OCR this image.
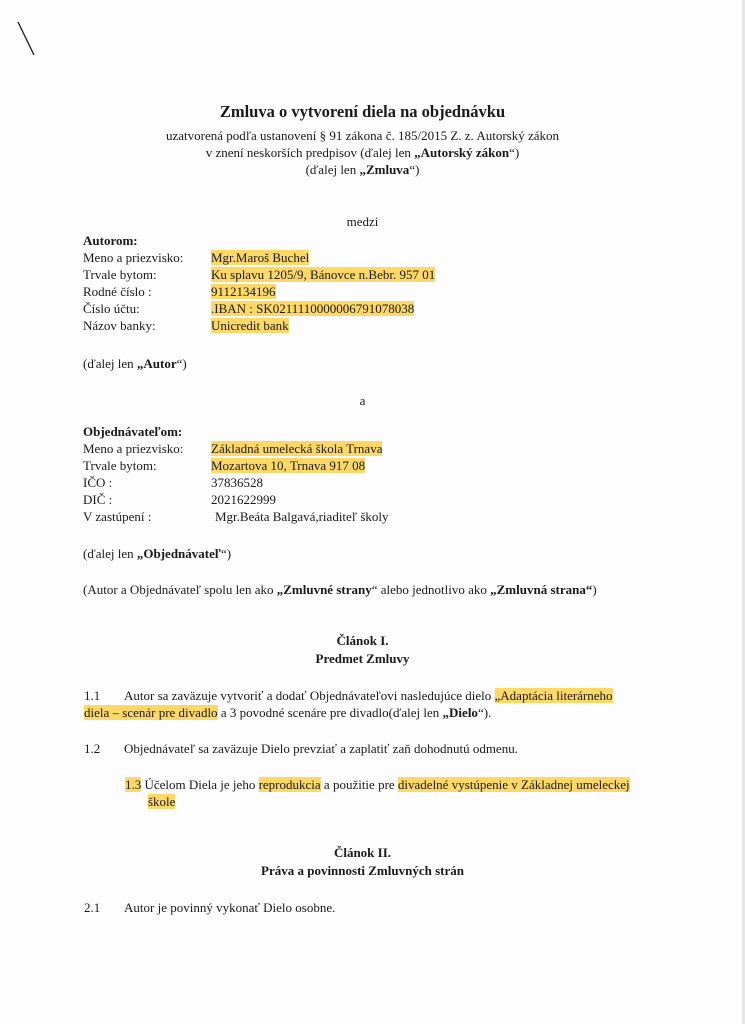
Zmluva o vytvorení diela na objednávku
uzatvorená podľa ustanovení § 91 zákona č. 185/2015 Z. z. Autorský zákon
v znení neskorších predpisov (ďalej len „Autorský zákon“)
(ďalej len „Zmluva“)
medzi
Autorom:
Meno a priezvisko: Mgr.Maroš Buchel
Trvale bytom:	Ku splavu 1205/9, Bánovce n.Bebr. 957 01
Rodné číslo :	9112134196
Číslo účtu:	.IBAN : SK0211110000006791078038
Názov banky:	Unicredit bank
(ďalej len „Autor“)
a
Objednávateľom:
Meno a priezvisko: Základná umelecká škola Trnava
Trvale bytom:	Mozartova 10, Trnava 917 08
IČO :	37836528
DIČ :	2021622999
V zastúpení :	Mgr.Beáta Balgavá,riaditeľ školy
(ďalej len „Objednávateľ“)
(Autor a Objednávateľ spolu len ako „Zmluvné strany“ alebo jednotlivo ako „Zmluvná strana“)
Článok I.
Predmet Zmluvy
1.1 Autor sa zaväzuje vytvoriť a dodať Objednávateľovi nasledujúce dielo „Adaptácia literárneho
diela – scenár pre divadlo a 3 povodné scenáre pre divadlo(ďalej len „Dielo“).
1.2 Objednávateľ sa zaväzuje Dielo prevziať a zaplatiť zaň dohodnutú odmenu.
1.3 Účelom Diela je jeho reprodukcia a použitie pre divadelné vystúpenie v Základnej umeleckej
škole
Článok II.
Práva a povinnosti Zmluvných strán
2.1 Autor je povinný vykonať Dielo osobne.
